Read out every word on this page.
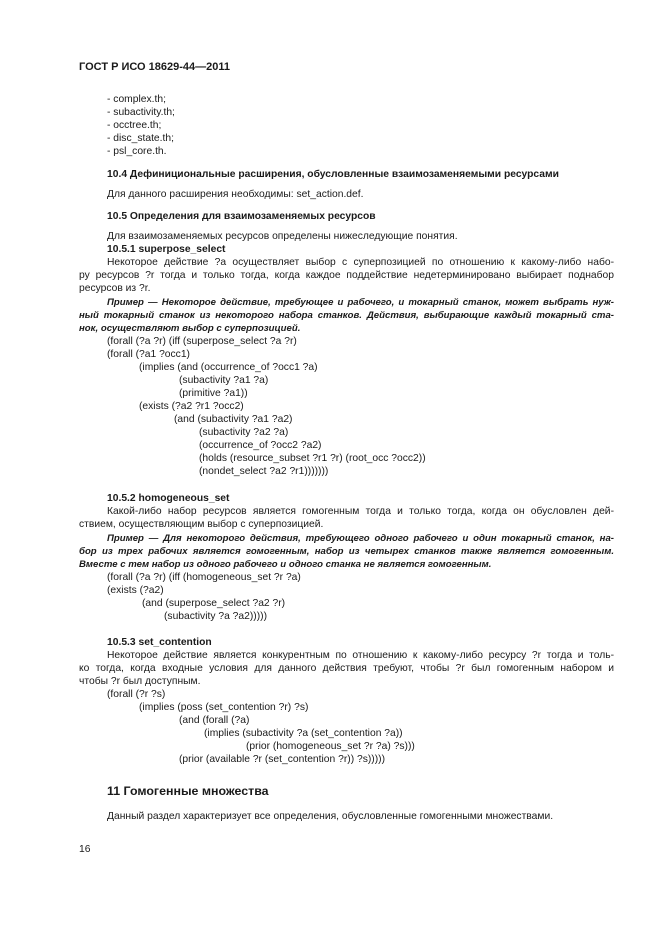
ГОСТ Р ИСО 18629-44—2011
- complex.th;
- subactivity.th;
- occtree.th;
- disc_state.th;
- psl_core.th.
10.4 Дефинициональные расширения, обусловленные взаимозаменяемыми ресурсами
Для данного расширения необходимы: set_action.def.
10.5 Определения для взаимозаменяемых ресурсов
Для взаимозаменяемых ресурсов определены нижеследующие понятия.
10.5.1 superpose_select
Некоторое действие ?a осуществляет выбор с суперпозицией по отношению к какому-либо набо-
ру ресурсов ?r тогда и только тогда, когда каждое поддействие недетерминировано выбирает поднабор
ресурсов из ?r.
Пример — Некоторое действие, требующее и рабочего, и токарный станок, может выбрать нуж-
ный токарный станок из некоторого набора станков. Действия, выбирающие каждый токарный ста-
нок, осуществляют выбор с суперпозицией.
(forall (?a ?r) (iff (superpose_select ?a ?r)
(forall (?a1 ?occ1)
(implies (and (occurrence_of ?occ1 ?a)
(subactivity ?a1 ?a)
(primitive ?a1))
(exists (?a2 ?r1 ?occ2)
(and (subactivity ?a1 ?a2)
(subactivity ?a2 ?a)
(occurrence_of ?occ2 ?a2)
(holds (resource_subset ?r1 ?r) (root_occ ?occ2))
(nondet_select ?a2 ?r1)))))))
10.5.2 homogeneous_set
Какой-либо набор ресурсов является гомогенным тогда и только тогда, когда он обусловлен дей-
ствием, осуществляющим выбор с суперпозицией.
Пример — Для некоторого действия, требующего одного рабочего и один токарный станок, на-
бор из трех рабочих является гомогенным, набор из четырех станков также является гомогенным.
Вместе с тем набор из одного рабочего и одного станка не является гомогенным.
(forall (?a ?r) (iff (homogeneous_set ?r ?a)
(exists (?a2)
(and (superpose_select ?a2 ?r)
(subactivity ?a ?a2)))))
10.5.3 set_contention
Некоторое действие является конкурентным по отношению к какому-либо ресурсу ?r тогда и толь-
ко тогда, когда входные условия для данного действия требуют, чтобы ?r был гомогенным набором и
чтобы ?r был доступным.
(forall (?r ?s)
(implies (poss (set_contention ?r) ?s)
(and (forall (?a)
(implies (subactivity ?a (set_contention ?a))
(prior (homogeneous_set ?r ?a) ?s)))
(prior (available ?r (set_contention ?r)) ?s)))))
11 Гомогенные множества
Данный раздел характеризует все определения, обусловленные гомогенными множествами.
16
